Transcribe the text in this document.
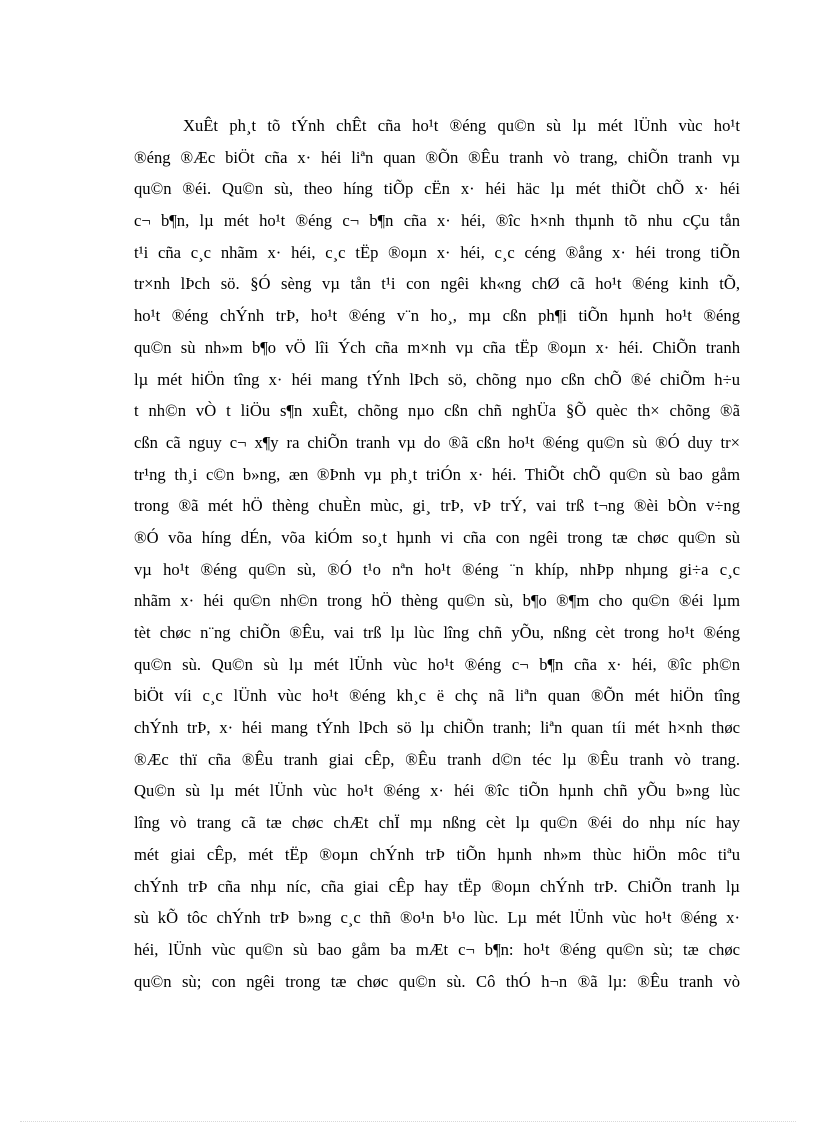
XuÊt ph¸t tõ tÝnh chÊt cña ho¹t ®éng qu©n sù lµ mét lÜnh vùc ho¹t
®éng ®Æc biÖt cña x· héi liªn quan ®Õn ®Êu tranh vò trang, chiÕn tranh vµ
qu©n ®éi. Qu©n sù, theo híng tiÕp cËn x· héi häc lµ mét thiÕt chÕ x· héi
c¬ b¶n, lµ mét ho¹t ®éng c¬ b¶n cña x· héi, ®îc h×nh thµnh tõ nhu cÇu tån
t¹i cña c¸c nhãm x· héi, c¸c tËp ®oµn x· héi, c¸c céng ®ång x· héi trong tiÕn
tr×nh lÞch sö. §Ó sèng vµ tån t¹i con ngêi kh«ng chØ cã ho¹t ®éng kinh tÕ,
ho¹t ®éng chÝnh trÞ, ho¹t ®éng v¨n ho¸, mµ cßn ph¶i tiÕn hµnh ho¹t ®éng
qu©n sù nh»m b¶o vÖ lîi Ých cña m×nh vµ cña tËp ®oµn x· héi. ChiÕn tranh
lµ mét hiÖn tîng x· héi mang tÝnh lÞch sö, chõng nµo cßn chÕ ®é chiÕm h÷u
t nh©n vÒ t liÖu s¶n xuÊt, chõng nµo cßn chñ nghÜa §Õ quèc th× chõng ®ã
cßn cã nguy c¬ x¶y ra chiÕn tranh vµ do ®ã cßn ho¹t ®éng qu©n sù ®Ó duy tr×
tr¹ng th¸i c©n b»ng, æn ®Þnh vµ ph¸t triÓn x· héi. ThiÕt chÕ qu©n sù bao gåm
trong ®ã mét hÖ thèng chuÈn mùc, gi¸ trÞ, vÞ trÝ, vai trß t¬ng ®èi bÒn v÷ng
®Ó võa híng dÉn, võa kiÓm so¸t hµnh vi cña con ngêi trong tæ chøc qu©n sù
vµ ho¹t ®éng qu©n sù, ®Ó t¹o nªn ho¹t ®éng ¨n khíp, nhÞp nhµng gi÷a c¸c
nhãm x· héi qu©n nh©n trong hÖ thèng qu©n sù, b¶o ®¶m cho qu©n ®éi lµm
tèt chøc n¨ng chiÕn ®Êu, vai trß lµ lùc lîng chñ yÕu, nßng cèt trong ho¹t ®éng
qu©n sù. Qu©n sù lµ mét lÜnh vùc ho¹t ®éng c¬ b¶n cña x· héi, ®îc ph©n
biÖt víi c¸c lÜnh vùc ho¹t ®éng kh¸c ë chç nã liªn quan ®Õn mét hiÖn tîng
chÝnh trÞ, x· héi mang tÝnh lÞch sö lµ chiÕn tranh; liªn quan tíi mét h×nh thøc
®Æc thï cña ®Êu tranh giai cÊp, ®Êu tranh d©n téc lµ ®Êu tranh vò trang.
Qu©n sù lµ mét lÜnh vùc ho¹t ®éng x· héi ®îc tiÕn hµnh chñ yÕu b»ng lùc
lîng vò trang cã tæ chøc chÆt chÏ mµ nßng cèt lµ qu©n ®éi do nhµ níc hay
mét giai cÊp, mét tËp ®oµn chÝnh trÞ tiÕn hµnh nh»m thùc hiÖn môc tiªu
chÝnh trÞ cña nhµ níc, cña giai cÊp hay tËp ®oµn chÝnh trÞ. ChiÕn tranh lµ
sù kÕ tôc chÝnh trÞ b»ng c¸c thñ ®o¹n b¹o lùc. Lµ mét lÜnh vùc ho¹t ®éng x·
héi, lÜnh vùc qu©n sù bao gåm ba mÆt c¬ b¶n: ho¹t ®éng qu©n sù; tæ chøc
qu©n sù; con ngêi trong tæ chøc qu©n sù. Cô thÓ h¬n ®ã lµ: ®Êu tranh vò
